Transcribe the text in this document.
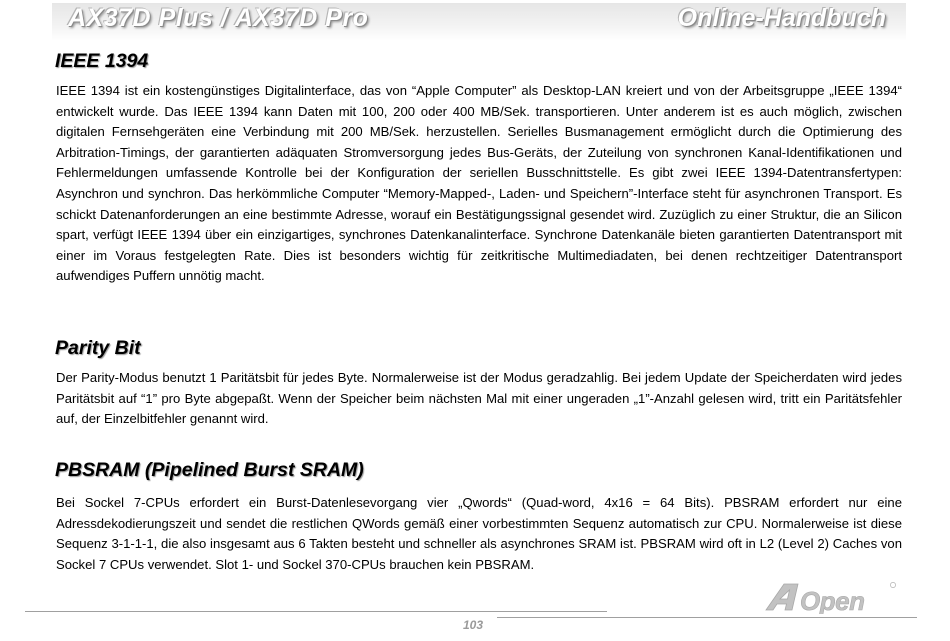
AX37D Plus / AX37D Pro	Online-Handbuch
IEEE 1394

IEEE 1394 ist ein kostengünstiges Digitalinterface, das von “Apple Computer” als Desktop-LAN kreiert und von der Arbeitsgruppe „IEEE 1394“ entwickelt wurde. Das IEEE 1394 kann Daten mit 100, 200 oder 400 MB/Sek. transportieren. Unter anderem ist es auch möglich, zwischen digitalen Fernsehgeräten eine Verbindung mit 200 MB/Sek. herzustellen. Serielles Busmanagement ermöglicht durch die Optimierung des Arbitration-Timings, der garantierten adäquaten Stromversorgung jedes Bus-Geräts, der Zuteilung von synchronen Kanal-Identifikationen und Fehlermeldungen umfassende Kontrolle bei der Konfiguration der seriellen Busschnittstelle. Es gibt zwei IEEE 1394-Datentransfertypen: Asynchron und synchron. Das herkömmliche Computer “Memory-Mapped-, Laden- und Speichern”-Interface steht für asynchronen Transport. Es schickt Datenanforderungen an eine bestimmte Adresse, worauf ein Bestätigungssignal gesendet wird. Zuzüglich zu einer Struktur, die an Silicon spart, verfügt IEEE 1394 über ein einzigartiges, synchrones Datenkanalinterface. Synchrone Datenkanäle bieten garantierten Datentransport mit einer im Voraus festgelegten Rate. Dies ist besonders wichtig für zeitkritische Multimediadaten, bei denen rechtzeitiger Datentransport aufwendiges Puffern unnötig macht.

Parity Bit

Der Parity-Modus benutzt 1 Paritätsbit für jedes Byte. Normalerweise ist der Modus geradzahlig. Bei jedem Update der Speicherdaten wird jedes Paritätsbit auf “1” pro Byte abgepaßt. Wenn der Speicher beim nächsten Mal mit einer ungeraden „1”-Anzahl gelesen wird, tritt ein Paritätsfehler auf, der Einzelbitfehler genannt wird.

PBSRAM (Pipelined Burst SRAM)

Bei Sockel 7-CPUs erfordert ein Burst-Datenlesevorgang vier „Qwords“ (Quad-word, 4x16 = 64 Bits). PBSRAM erfordert nur eine Adressdekodierungszeit und sendet die restlichen QWords gemäß einer vorbestimmten Sequenz automatisch zur CPU. Normalerweise ist diese Sequenz 3-1-1-1, die also insgesamt aus 6 Takten besteht und schneller als asynchrones SRAM ist. PBSRAM wird oft in L2 (Level 2) Caches von Sockel 7 CPUs verwendet. Slot 1- und Sockel 370-CPUs brauchen kein PBSRAM.

103
Open
